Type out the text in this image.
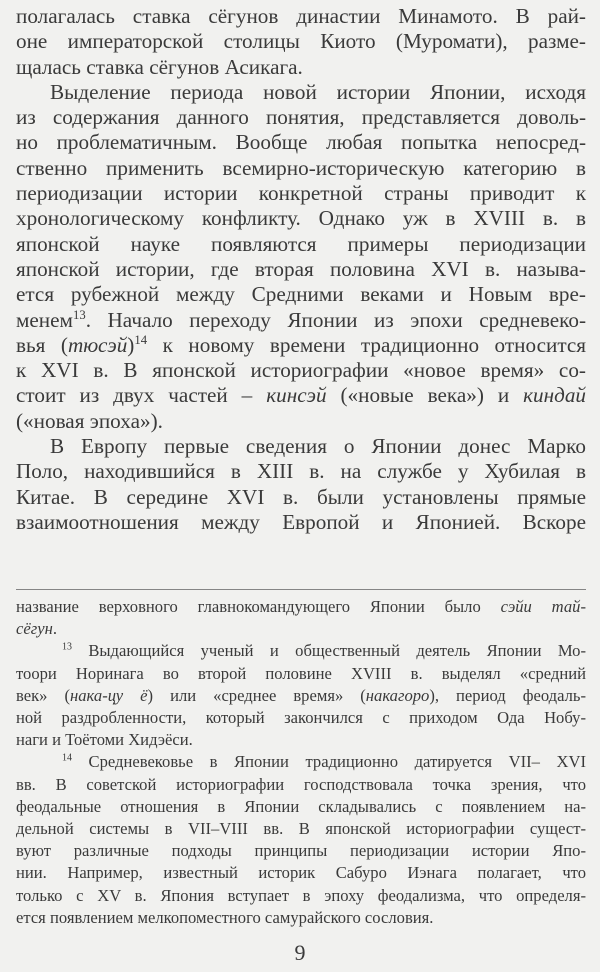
полагалась ставка сёгунов династии Минамото. В рай-
оне императорской столицы Киото (Муромати), разме-
щалась ставка сёгунов Асикага.

Выделение периода новой истории Японии, исходя
из содержания данного понятия, представляется доволь-
но проблематичным. Вообще любая попытка непосред-
ственно применить всемирно-историческую категорию в
периодизации истории конкретной страны приводит к
хронологическому конфликту. Однако уж в XVIII в. в
японской науке появляются примеры периодизации
японской истории, где вторая половина XVI в. называ-
ется рубежной между Средними веками и Новым вре-
менем$^{13}$. Начало переходу Японии из эпохи средневеко-
вья (тюсэй)$^{14}$ к новому времени традиционно относится
к XVI в. В японской историографии «новое время» со-
стоит из двух частей – кинсэй («новые века») и киндай
(«новая эпоха»).

В Европу первые сведения о Японии донес Марко
Поло, находившийся в XIII в. на службе у Хубилая в
Китае. В середине XVI в. были установлены прямые
взаимоотношения между Европой и Японией. Вскоре

название верховного главнокомандующего Японии было сэйи тай-
сёгун.
$^{13}$ Выдающийся ученый и общественный деятель Японии Мо-
тоори Норинага во второй половине XVIII в. выделял «средний
век» (нака-цу ё) или «среднее время» (накагоро), период феодаль-
ной раздробленности, который закончился с приходом Ода Нобу-
наги и Тоётоми Хидэёси.
$^{14}$ Средневековье в Японии традиционно датируется VII– XVI
вв. В советской историографии господствовала точка зрения, что
феодальные отношения в Японии складывались с появлением на-
дельной системы в VII–VIII вв. В японской историографии сущест-
вуют различные подходы принципы периодизации истории Япо-
нии. Например, известный историк Сабуро Иэнага полагает, что
только с XV в. Япония вступает в эпоху феодализма, что определя-
ется появлением мелкопоместного самурайского сословия.
9
